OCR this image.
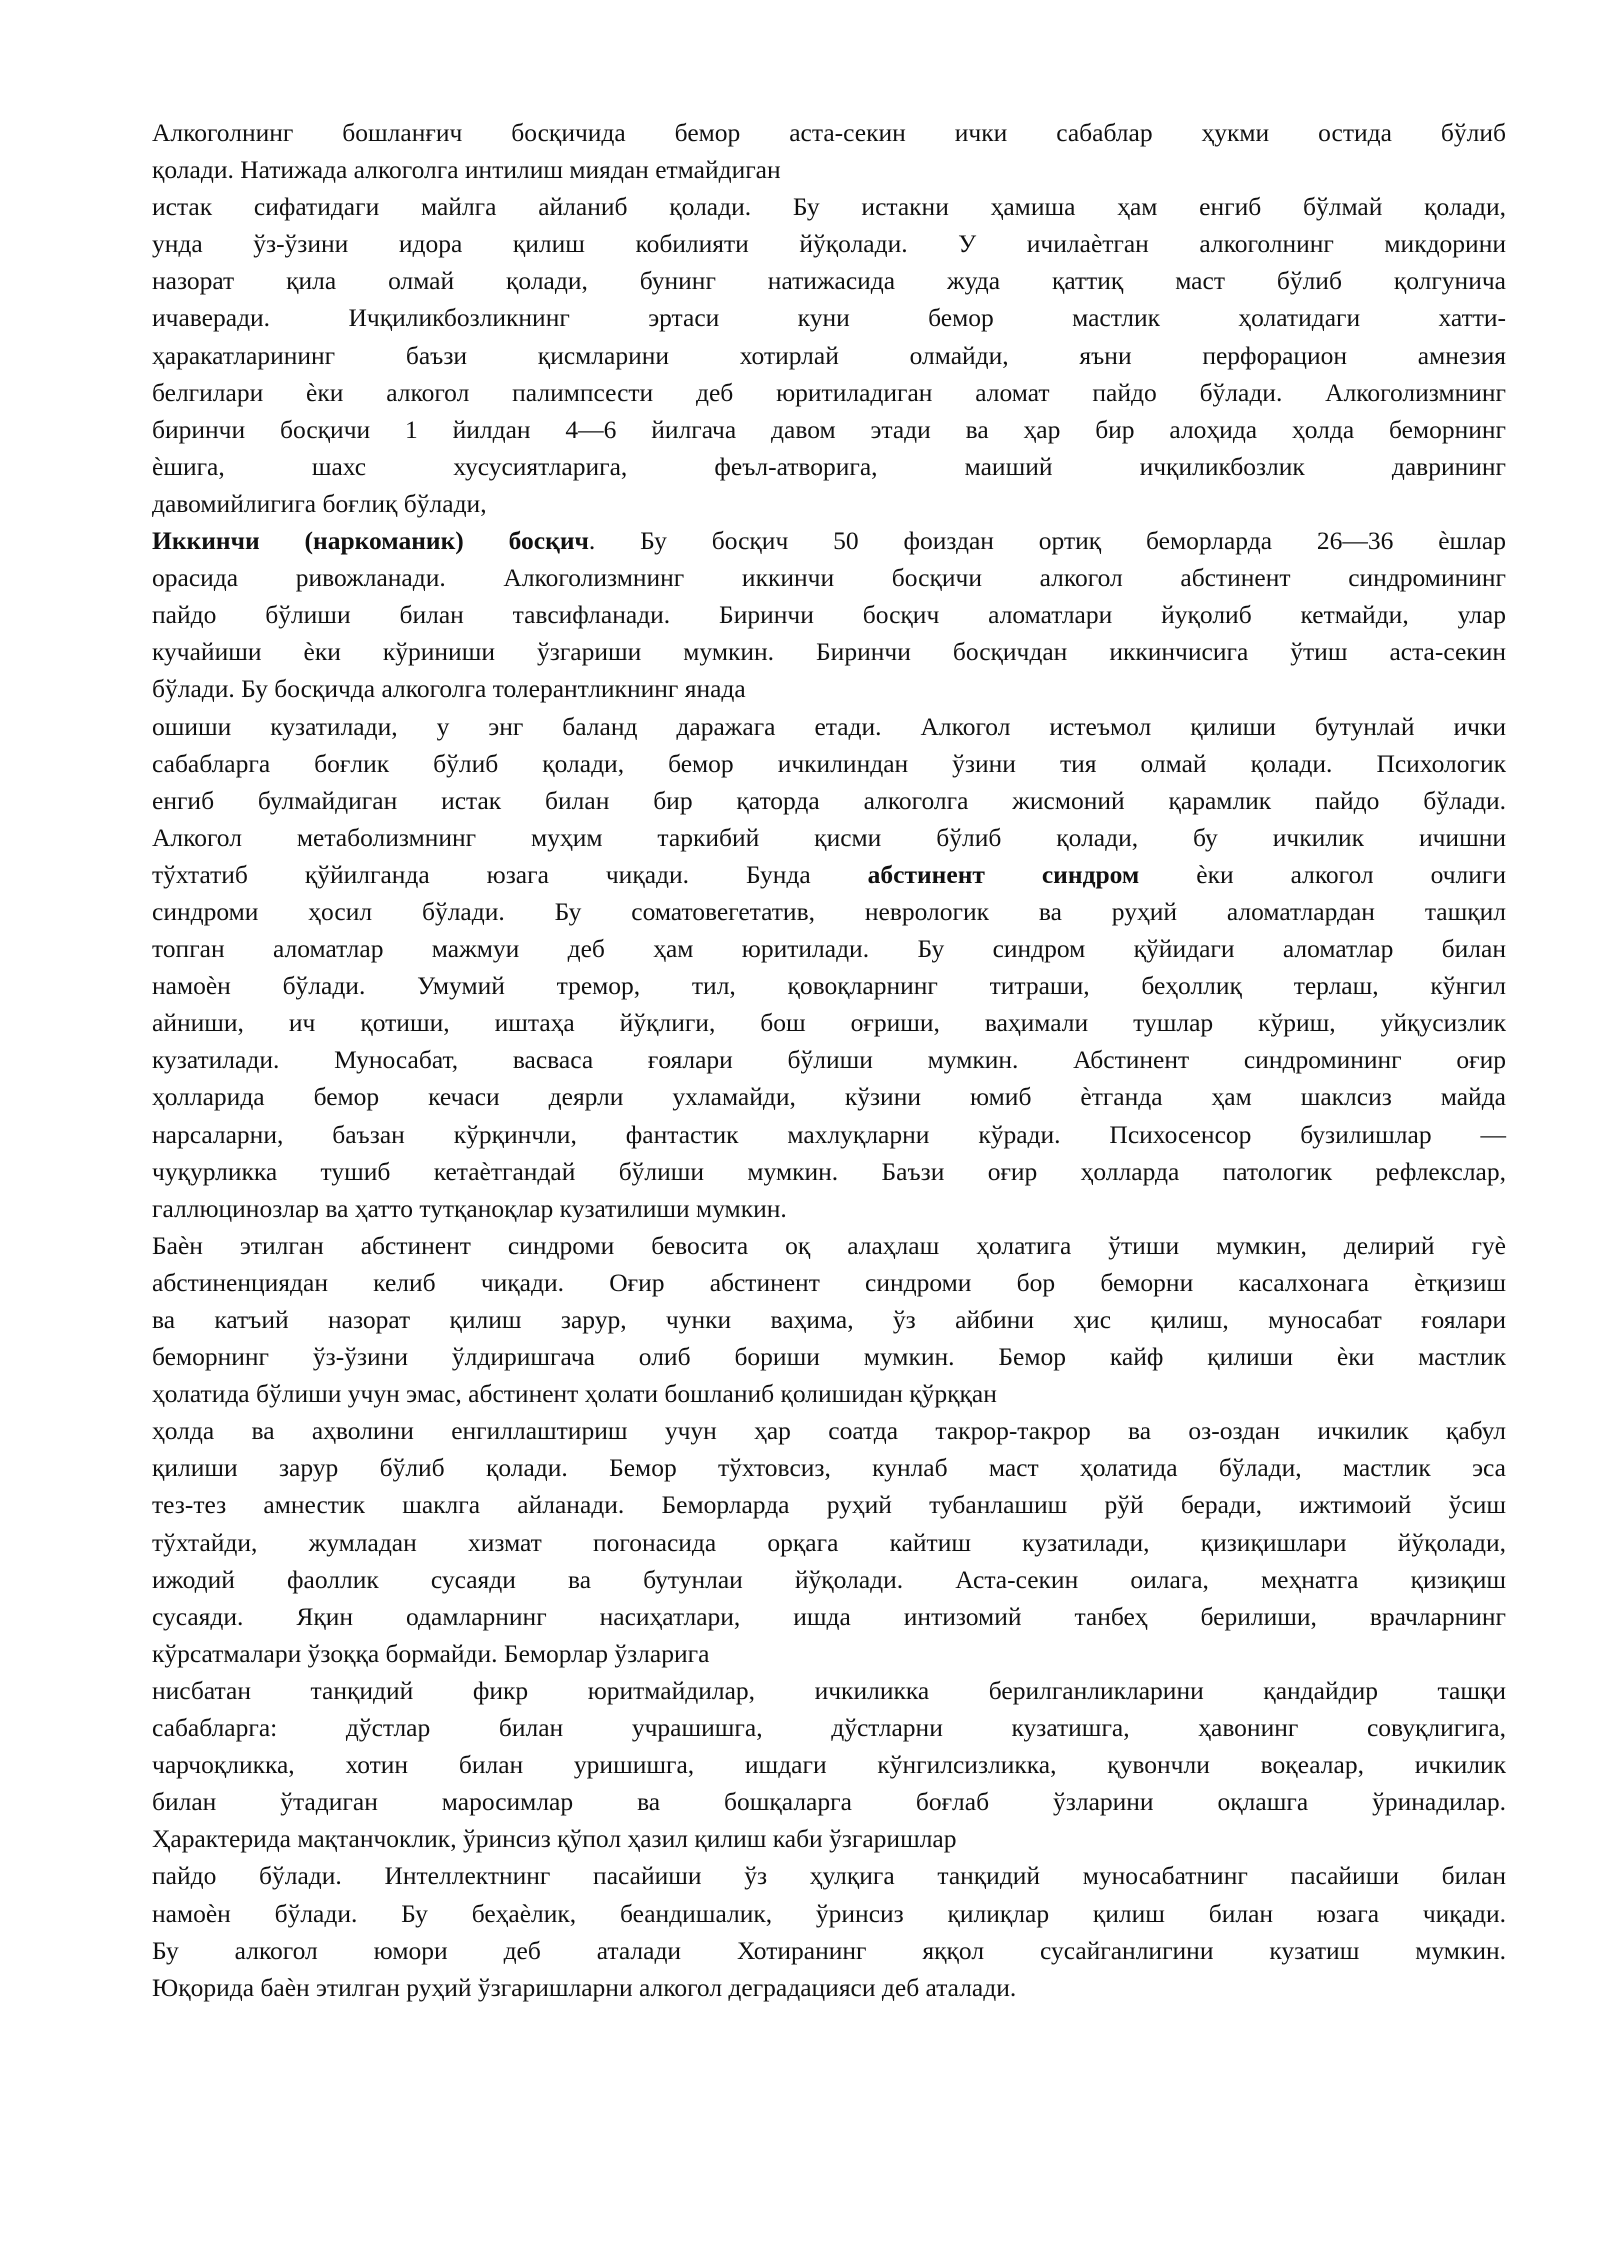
Алкоголнинг бошланғич босқичида бемор аста-секин ички сабаблар ҳукми остида бўлиб
қолади. Натижада алкоголга интилиш миядан етмайдиган
истак сифатидаги майлга айланиб қолади. Бу истакни ҳамиша ҳам енгиб бўлмай қолади,
унда ўз-ўзини идора қилиш кобилияти йўқолади. У ичилаѐтган алкоголнинг микдорини
назорат қила олмай қолади, бунинг натижасида жуда қаттиқ маст бўлиб қолгунича
ичаверади. Ичқиликбозликнинг эртаси куни бемор мастлик ҳолатидаги хатти-
ҳаракатларининг баъзи қисмларини хотирлай олмайди, яъни перфорацион амнезия
белгилари ѐки алкогол палимпсести деб юритиладиган аломат пайдо бўлади. Алкоголизмнинг
биринчи босқичи 1 йилдан 4—6 йилгача давом этади ва ҳар бир алоҳида ҳолда беморнинг
ѐшига, шахс хусусиятларига, феъл-атворига, маиший ичқиликбозлик даврининг
давомийлигига боғлиқ бўлади,
Иккинчи (наркоманик) босқич. Бу босқич 50 фоиздан ортиқ беморларда 26—36 ѐшлар
орасида ривожланади. Алкоголизмнинг иккинчи босқичи алкогол абстинент синдромининг
пайдо бўлиши билан тавсифланади. Биринчи босқич аломатлари йуқолиб кетмайди, улар
кучайиши ѐки кўриниши ўзгариши мумкин. Биринчи босқичдан иккинчисига ўтиш аста-секин
бўлади. Бу босқичда алкоголга толерантликнинг янада
ошиши кузатилади, у энг баланд даражага етади. Алкогол истеъмол қилиши бутунлай ички
сабабларга боғлик бўлиб қолади, бемор ичкилиндан ўзини тия олмай қолади. Психологик
енгиб булмайдиган истак билан бир қаторда алкоголга жисмоний қарамлик пайдо бўлади.
Алкогол метаболизмнинг муҳим таркибий қисми бўлиб қолади, бу ичкилик ичишни
тўхтатиб қўйилганда юзага чиқади. Бунда абстинент синдром ѐки алкогол очлиги
синдроми ҳосил бўлади. Бу соматовегетатив, неврологик ва руҳий аломатлардан ташқил
топган аломатлар мажмуи деб ҳам юритилади. Бу синдром қўйидаги аломатлар билан
намоѐн бўлади. Умумий тремор, тил, қовоқларнинг титраши, беҳоллиқ терлаш, кўнгил
айниши, ич қотиши, иштаҳа йўқлиги, бош оғриши, ваҳимали тушлар кўриш, уйқусизлик
кузатилади. Муносабат, васваса ғоялари бўлиши мумкин. Абстинент синдромининг оғир
ҳолларида бемор кечаси деярли ухламайди, кўзини юмиб ѐтганда ҳам шаклсиз майда
нарсаларни, баъзан кўрқинчли, фантастик махлуқларни кўради. Психосенсор бузилишлар —
чуқурликка тушиб кетаѐтгандай бўлиши мумкин. Баъзи оғир ҳолларда патологик рефлекслар,
галлюцинозлар ва ҳатто тутқаноқлар кузатилиши мумкин.
Баѐн этилган абстинент синдроми бевосита оқ алаҳлаш ҳолатига ўтиши мумкин, делирий гуѐ
абстиненциядан келиб чиқади. Оғир абстинент синдроми бор беморни касалхонага ѐтқизиш
ва катъий назорат қилиш зарур, чунки ваҳима, ўз айбини ҳис қилиш, муносабат ғоялари
беморнинг ўз-ўзини ўлдиришгача олиб бориши мумкин. Бемор кайф қилиши ѐки мастлик
ҳолатида бўлиши учун эмас, абстинент ҳолати бошланиб қолишидан қўрққан
ҳолда ва аҳволини енгиллаштириш учун ҳар соатда такрор-такрор ва оз-оздан ичкилик қабул
қилиши зарур бўлиб қолади. Бемор тўхтовсиз, кунлаб маст ҳолатида бўлади, мастлик эса
тез-тез амнестик шаклга айланади. Беморларда руҳий тубанлашиш рўй беради, ижтимоий ўсиш
тўхтайди, жумладан хизмат погонасида орқага кайтиш кузатилади, қизиқишлари йўқолади,
ижодий фаоллик сусаяди ва бутунлаи йўқолади. Аста-секин оилага, меҳнатга қизиқиш
сусаяди. Яқин одамларнинг насиҳатлари, ишда интизомий танбеҳ берилиши, врачларнинг
кўрсатмалари ўзоққа бормайди. Беморлар ўзларига
нисбатан танқидий фикр юритмайдилар, ичкиликка берилганликларини қандайдир ташқи
сабабларга: дўстлар билан учрашишга, дўстларни кузатишга, ҳавонинг совуқлигига,
чарчоқликка, хотин билан уришишга, ишдаги кўнгилсизликка, қувончли воқеалар, ичкилик
билан ўтадиган маросимлар ва бошқаларга боғлаб ўзларини оқлашга ўринадилар.
Ҳарактерида мақтанчоклик, ўринсиз қўпол ҳазил қилиш каби ўзгаришлар
пайдо бўлади. Интеллектнинг пасайиши ўз ҳулқига танқидий муносабатнинг пасайиши билан
намоѐн бўлади. Бу беҳаѐлик, беандишалик, ўринсиз қилиқлар қилиш билан юзага чиқади.
Бу алкогол юмори деб аталади Хотиранинг яққол сусайганлигини кузатиш мумкин.
Юқорида баѐн этилган руҳий ўзгаришларни алкогол деградацияси деб аталади.
